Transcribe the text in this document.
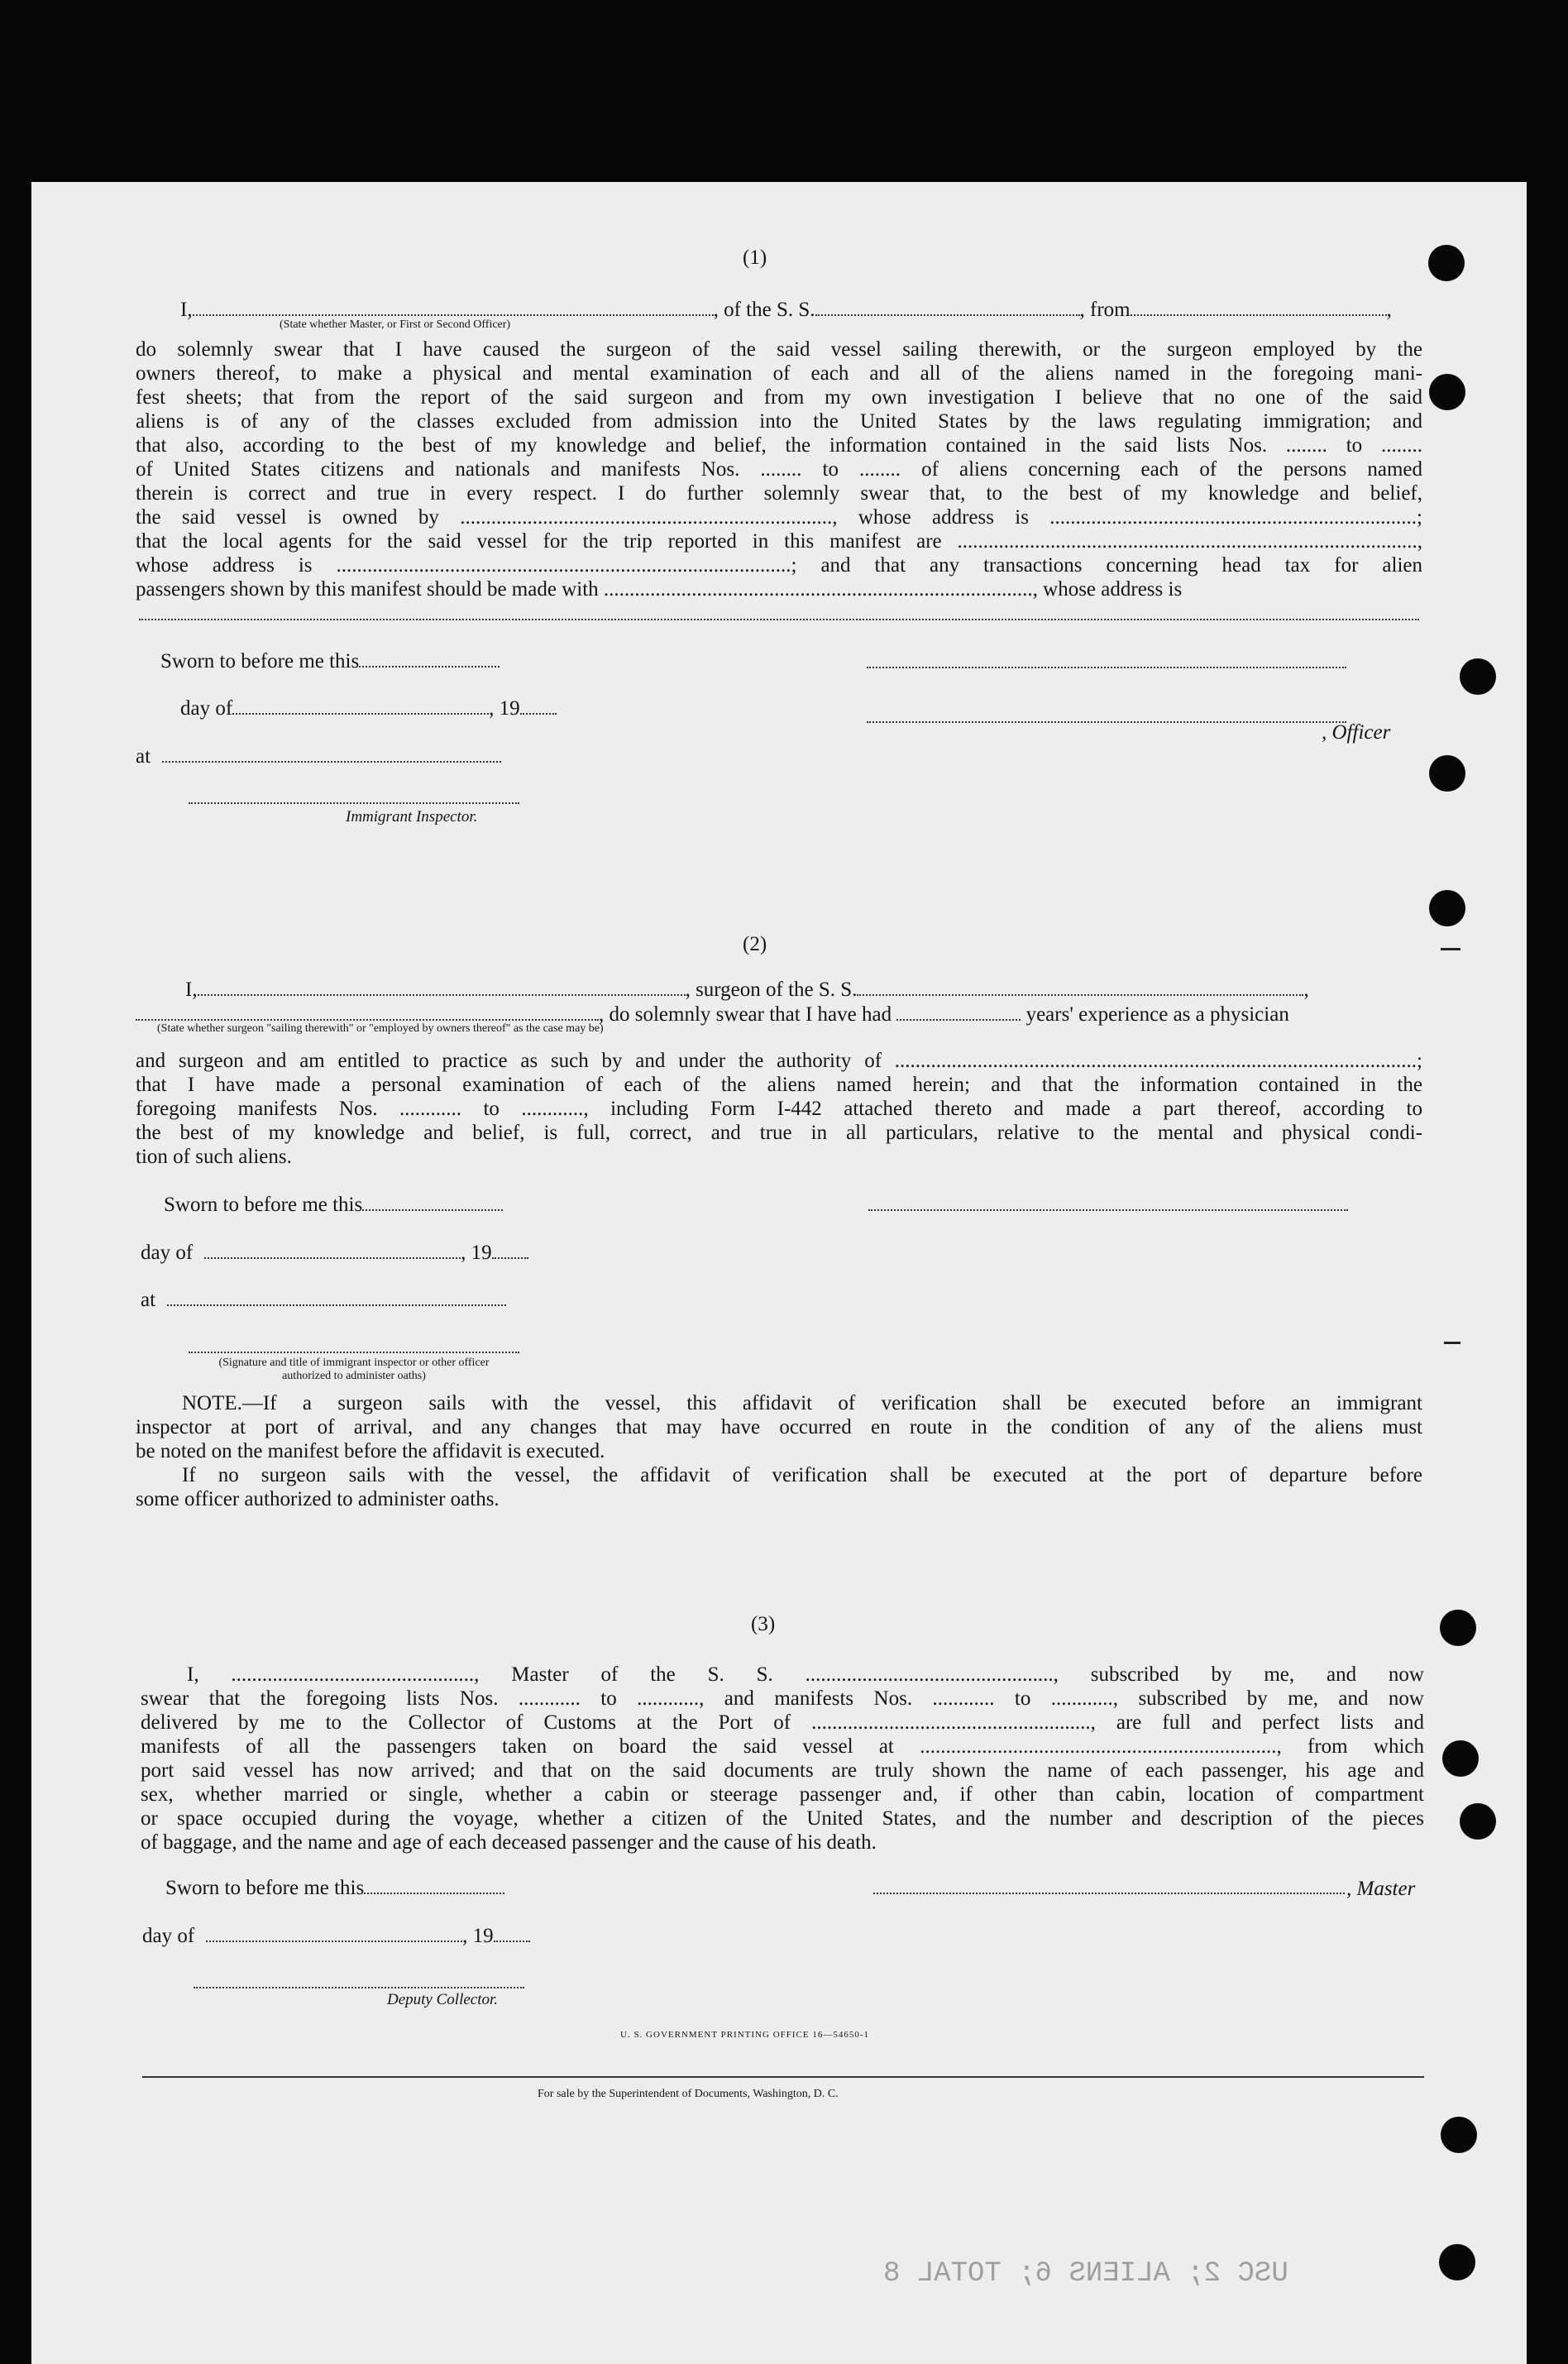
USC 2; ALIENS 6; TOTAL 8
(1)
I,	, of the S. S.	, from	,
(State whether Master, or First or Second Officer)
do solemnly swear that I have caused the surgeon of the said vessel sailing therewith, or the surgeon employed by the
owners thereof, to make a physical and mental examination of each and all of the aliens named in the foregoing mani-
fest sheets; that from the report of the said surgeon and from my own investigation I believe that no one of the said
aliens is of any of the classes excluded from admission into the United States by the laws regulating immigration; and
that also, according to the best of my knowledge and belief, the information contained in the said lists Nos. ........ to ........
of United States citizens and nationals and manifests Nos. ........ to ........ of aliens concerning each of the persons named
therein is correct and true in every respect. I do further solemnly swear that, to the best of my knowledge and belief,
the said vessel is owned by ........................................................................, whose address is .......................................................................;
that the local agents for the said vessel for the trip reported in this manifest are .........................................................................................,
whose address is ........................................................................................; and that any transactions concerning head tax for alien
passengers shown by this manifest should be made with ..................................................................................., whose address is
Sworn to before me this
day of	, 19
at
Immigrant Inspector.
, Officer
(2)
I,	, surgeon of the S. S.	,
, do solemnly swear that I have had	years' experience as a physician
(State whether surgeon "sailing therewith" or "employed by owners thereof" as the case may be)
and surgeon and am entitled to practice as such by and under the authority of .....................................................................................................;
that I have made a personal examination of each of the aliens named herein; and that the information contained in the
foregoing manifests Nos. ............ to ............, including Form I-442 attached thereto and made a part thereof, according to
the best of my knowledge and belief, is full, correct, and true in all particulars, relative to the mental and physical condi-
tion of such aliens.
Sworn to before me this
day of	, 19
at
(Signature and title of immigrant inspector or other officer authorized to administer oaths)
NOTE.—If a surgeon sails with the vessel, this affidavit of verification shall be executed before an immigrant
inspector at port of arrival, and any changes that may have occurred en route in the condition of any of the aliens must
be noted on the manifest before the affidavit is executed.
If no surgeon sails with the vessel, the affidavit of verification shall be executed at the port of departure before
some officer authorized to administer oaths.
(3)
I, ..............................................., Master of the S. S. ................................................, subscribed by me, and now
swear that the foregoing lists Nos. ............ to ............, and manifests Nos. ............ to ............, subscribed by me, and now
delivered by me to the Collector of Customs at the Port of ......................................................, are full and perfect lists and
manifests of all the passengers taken on board the said vessel at ....................................................................., from which
port said vessel has now arrived; and that on the said documents are truly shown the name of each passenger, his age and
sex, whether married or single, whether a cabin or steerage passenger and, if other than cabin, location of compartment
or space occupied during the voyage, whether a citizen of the United States, and the number and description of the pieces
of baggage, and the name and age of each deceased passenger and the cause of his death.
Sworn to before me this	, Master
day of	, 19
Deputy Collector.
U. S. GOVERNMENT PRINTING OFFICE 16—54650-1
For sale by the Superintendent of Documents, Washington, D. C.
